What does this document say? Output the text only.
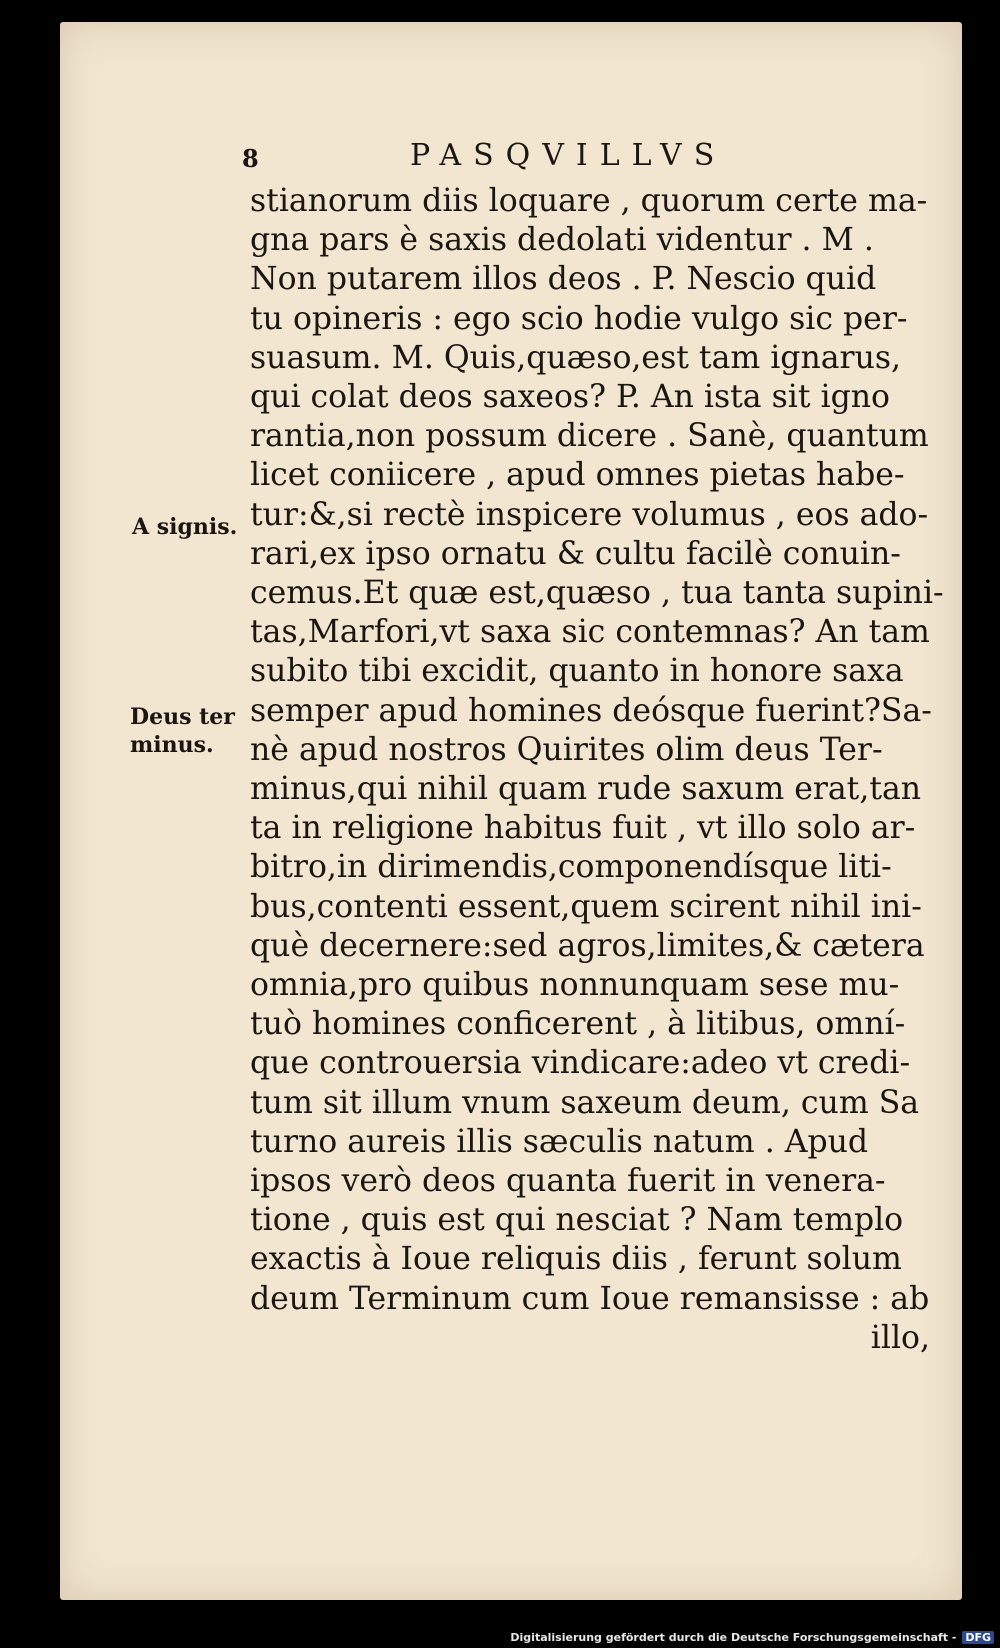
8	PASQVILLVS
A signis.
Deus ter
minus.
stianorum diis loquare , quorum certe ma-
gna pars è saxis dedolati videntur . M .
Non putarem illos deos . P. Nescio quid
tu opineris : ego scio hodie vulgo sic per-
suasum. M. Quis,quæso,est tam ignarus,
qui colat deos saxeos? P. An ista sit igno
rantia,non possum dicere . Sanè, quantum
licet coniicere , apud omnes pietas habe-
tur:&,si rectè inspicere volumus , eos ado-
rari,ex ipso ornatu & cultu facilè conuin-
cemus.Et quæ est,quæso , tua tanta supini-
tas,Marfori,vt saxa sic contemnas? An tam
subito tibi excidit, quanto in honore saxa
semper apud homines deósque fuerint?Sa-
nè apud nostros Quirites olim deus Ter-
minus,qui nihil quam rude saxum erat,tan
ta in religione habitus fuit , vt illo solo ar-
bitro,in dirimendis,componendísque liti-
bus,contenti essent,quem scirent nihil ini-
què decernere:sed agros,limites,& cætera
omnia,pro quibus nonnunquam sese mu-
tuò homines conficerent , à litibus, omní-
que controuersia vindicare:adeo vt credi-
tum sit illum vnum saxeum deum, cum Sa
turno aureis illis sæculis natum . Apud
ipsos verò deos quanta fuerit in venera-
tione , quis est qui nesciat ? Nam templo
exactis à Ioue reliquis diis , ferunt solum
deum Terminum cum Ioue remansisse : ab
illo,
Digitalisierung gefördert durch die Deutsche Forschungsgemeinschaft - DFG
